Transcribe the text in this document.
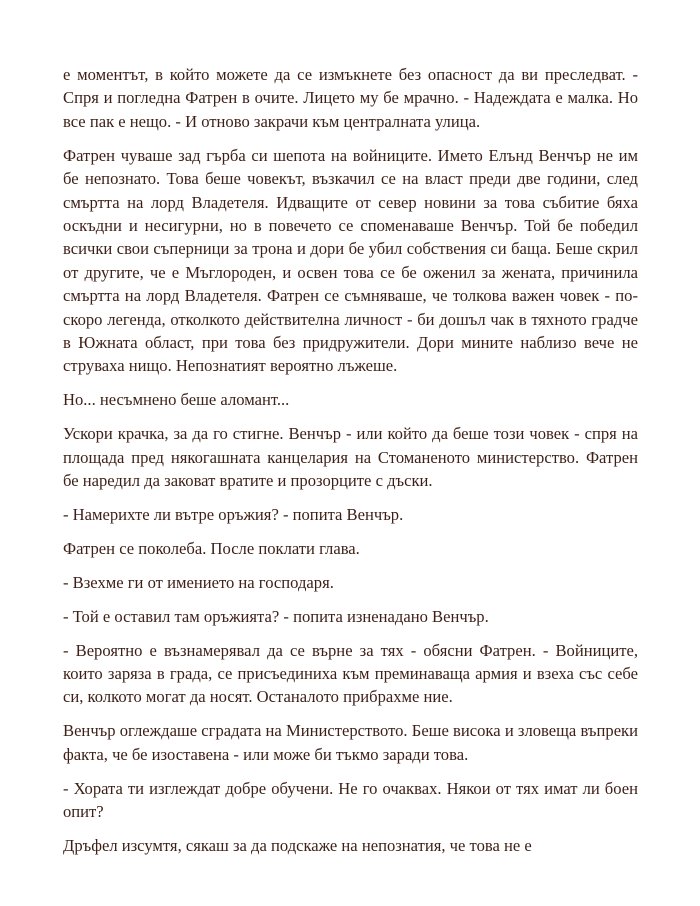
е моментът, в който можете да се измъкнете без опасност да ви преследват. - Спря и погледна Фатрен в очите. Лицето му бе мрачно. - Надеждата е малка. Но все пак е нещо. - И отново закрачи към централната улица.

Фатрен чуваше зад гърба си шепота на войниците. Името Елънд Венчър не им бе непознато. Това беше човекът, възкачил се на власт преди две години, след смъртта на лорд Владетеля. Идващите от север новини за това събитие бяха оскъдни и несигурни, но в повечето се споменаваше Венчър. Той бе победил всички свои съперници за трона и дори бе убил собствения си баща. Беше скрил от другите, че е Мъглороден, и освен това се бе оженил за жената, причинила смъртта на лорд Владетеля. Фатрен се съмняваше, че толкова важен човек - по-скоро легенда, отколкото действителна личност - би дошъл чак в тяхното градче в Южната област, при това без придружители. Дори мините наблизо вече не струваха нищо. Непознатият вероятно лъжеше.

Но... несъмнено беше аломант...

Ускори крачка, за да го стигне. Венчър - или който да беше този човек - спря на площада пред някогашната канцелария на Стоманеното министерство. Фатрен бе наредил да заковат вратите и прозорците с дъски.

- Намерихте ли вътре оръжия? - попита Венчър.

Фатрен се поколеба. После поклати глава.

- Взехме ги от имението на господаря.

- Той е оставил там оръжията? - попита изненадано Венчър.

- Вероятно е възнамерявал да се върне за тях - обясни Фатрен. - Войниците, които заряза в града, се присъединиха към преминаваща армия и взеха със себе си, колкото могат да носят. Останалото прибрахме ние.

Венчър оглеждаше сградата на Министерството. Беше висока и зловеща въпреки факта, че бе изоставена - или може би тъкмо заради това.

- Хората ти изглеждат добре обучени. Не го очаквах. Някои от тях имат ли боен опит?

Дръфел изсумтя, сякаш за да подскаже на непознатия, че това не е
